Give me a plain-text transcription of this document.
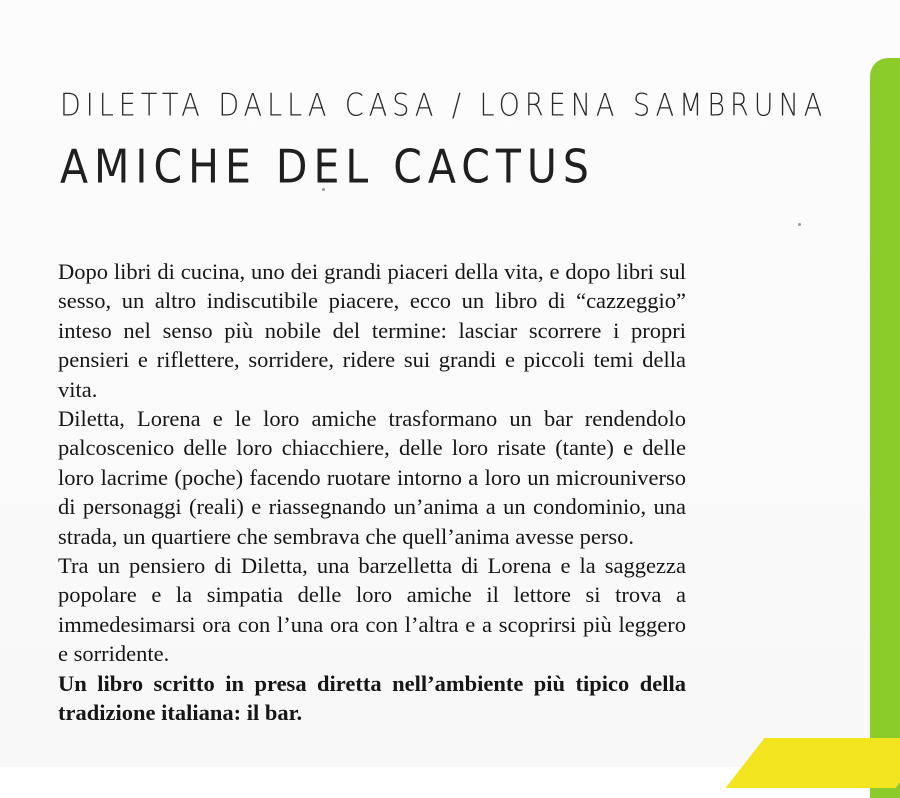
DILETTA DALLA CASA / LORENA SAMBRUNA
AMICHE DEL CACTUS

Dopo libri di cucina, uno dei grandi piaceri della vita, e dopo libri sul sesso, un altro indiscutibile piacere, ecco un libro di “cazzeggio” inteso nel senso più nobile del termine: lasciar scorrere i propri pensieri e riflettere, sorridere, ridere sui grandi e piccoli temi della vita.

Diletta, Lorena e le loro amiche trasformano un bar rendendolo palcoscenico delle loro chiacchiere, delle loro risate (tante) e delle loro lacrime (poche) facendo ruotare intorno a loro un microuniverso di personaggi (reali) e riassegnando un’anima a un condominio, una strada, un quartiere che sembrava che quell’anima avesse perso.

Tra un pensiero di Diletta, una barzelletta di Lorena e la saggezza popolare e la simpatia delle loro amiche il lettore si trova a immedesimarsi ora con l’una ora con l’altra e a scoprirsi più leggero e sorridente.

Un libro scritto in presa diretta nell’ambiente più tipico della tradizione italiana: il bar.
